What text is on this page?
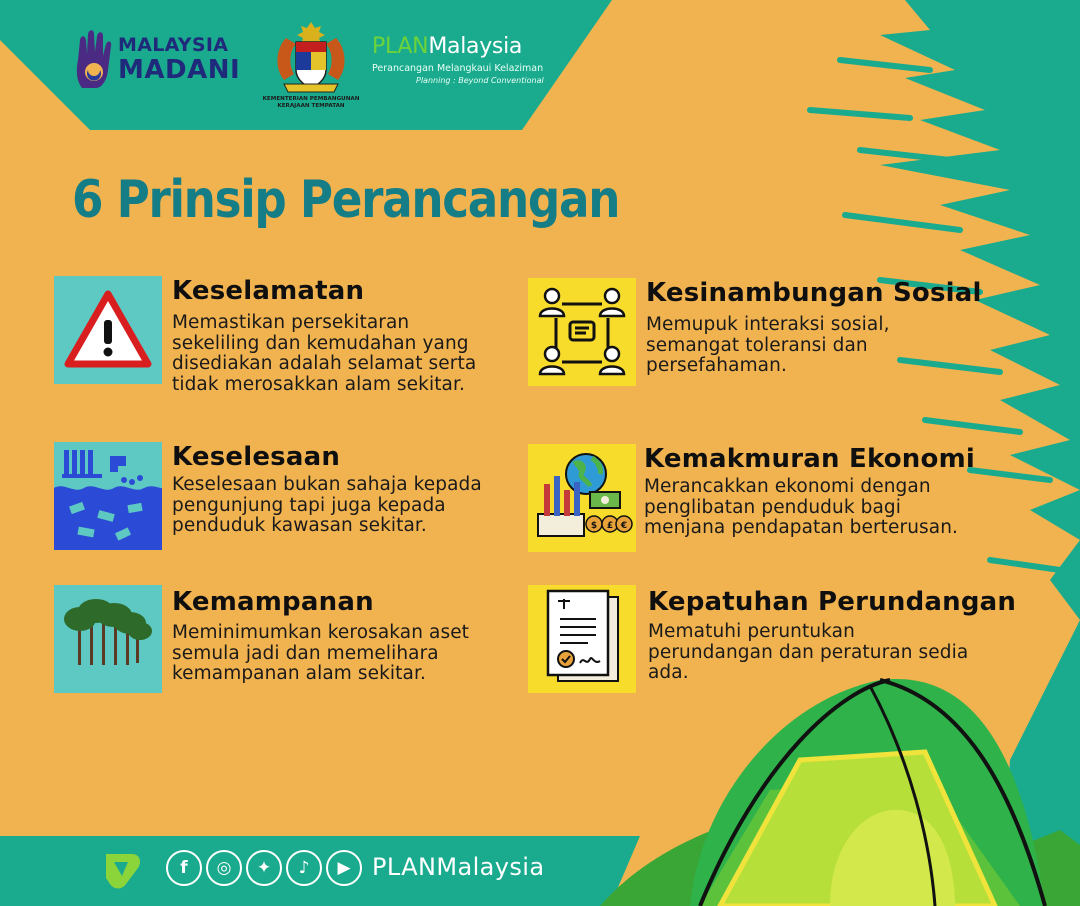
MALAYSIA
MADANI
KEMENTERIAN PEMBANGUNAN
KERAJAAN TEMPATAN
PLANMalaysia
Perancangan Melangkaui Kelaziman
Planning : Beyond Conventional
6 Prinsip Perancangan
Keselamatan
Memastikan persekitaran
sekeliling dan kemudahan yang
disediakan adalah selamat serta
tidak merosakkan alam sekitar.
Kesinambungan Sosial
Memupuk interaksi sosial,
semangat toleransi dan
persefahaman.
Keselesaan
Keselesaan bukan sahaja kepada
pengunjung tapi juga kepada
penduduk kawasan sekitar.	$ £ €
Kemakmuran Ekonomi
Merancakkan ekonomi dengan
penglibatan penduduk bagi
menjana pendapatan berterusan.
Kemampanan
Meminimumkan kerosakan aset
semula jadi dan memelihara
kemampanan alam sekitar.
Kepatuhan Perundangan
Mematuhi peruntukan
perundangan dan peraturan sedia
ada.
f	◎	✦	♪	▶ PLANMalaysia
